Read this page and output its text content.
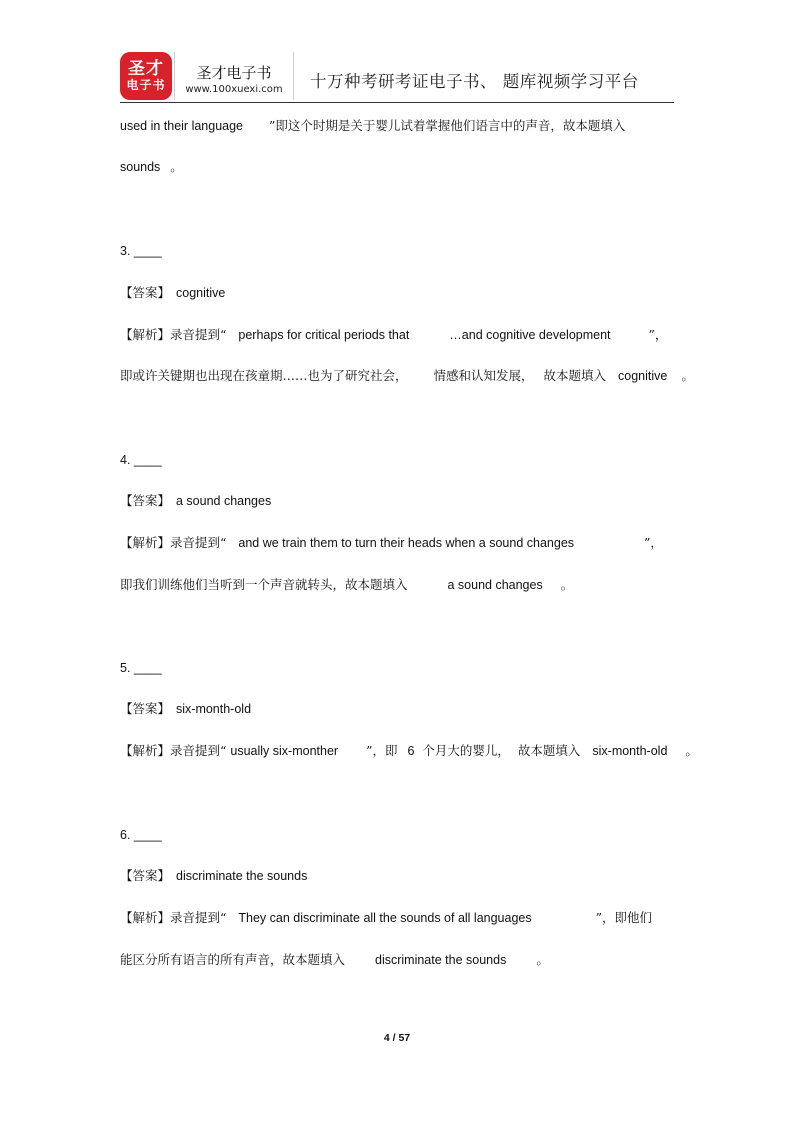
圣才
电子书
圣才电子书
www.100xuexi.com	十万种考研考证电子书、 题库视频学习平台
used in their language ”即这个时期是关于婴儿试着掌握他们语言中的声音，故本题填入
sounds 。
3. ____
【答案】 cognitive
【解析】录音提到“ perhaps for critical periods that	…and cognitive development	”，
即或许关键期也出现在孩童期……也为了研究社会， 情感和认知发展， 故本题填入 cognitive 。
4. ____
【答案】 a sound changes
【解析】录音提到“ and we train them to turn their heads when a sound changes	”，
即我们训练他们当听到一个声音就转头，故本题填入	a sound changes 。
5. ____
【答案】 six-month-old
【解析】录音提到“ usually six-monther ”，即 6 个月大的婴儿， 故本题填入 six-month-old 。
6. ____
【答案】 discriminate the sounds
【解析】录音提到“ They can discriminate all the sounds of all languages	”，即他们
能区分所有语言的所有声音，故本题填入 discriminate the sounds 。
4 / 57
